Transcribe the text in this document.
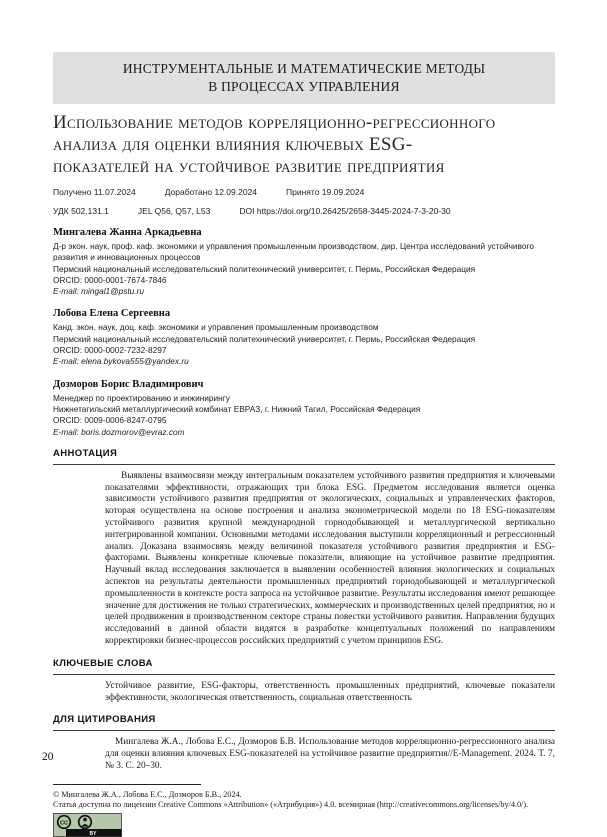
ИНСТРУМЕНТАЛЬНЫЕ И МАТЕМАТИЧЕСКИЕ МЕТОДЫ
В ПРОЦЕССАХ УПРАВЛЕНИЯ
Использование методов корреляционно-регрессионного
анализа для оценки влияния ключевых ESG-
показателей на устойчивое развитие предприятия
Получено 11.07.2024	Доработано 12.09.2024	Принято 19.09.2024
УДК 502.131.1	JEL Q56, Q57, L53	DOI https://doi.org/10.26425/2658-3445-2024-7-3-20-30
Мингалева Жанна Аркадьевна

Д-р экон. наук, проф. каф. экономики и управления промышленным производством, дир. Центра исследований устойчивого развития и инновационных процессов

Пермский национальный исследовательский политехнический университет, г. Пермь, Российская Федерация

ORCID: 0000-0001-7674-7846

E-mail: mingal1@pstu.ru

Лобова Елена Сергеевна

Канд. экон. наук, доц. каф. экономики и управления промышленным производством

Пермский национальный исследовательский политехнический университет, г. Пермь, Российская Федерация

ORCID: 0000-0002-7232-8297

E-mail: elena.bykova555@yandex.ru

Дозморов Борис Владимирович

Менеджер по проектированию и инжинирингу

Нижнетагильский металлургический комбинат ЕВРАЗ, г. Нижний Тагил, Российская Федерация

ORCID: 0009-0006-8247-0795

E-mail: boris.dozmorov@evraz.com

АННОТАЦИЯ

Выявлены взаимосвязи между интегральным показателем устойчивого развития предприятия и ключевыми показателями эффективности, отражающих три блока ESG. Предметом исследования является оценка зависимости устойчивого развития предприятия от экологических, социальных и управленческих факторов, которая осуществлена на основе построения и анализа эконометрической модели по 18 ESG-показателям устойчивого развития крупной международной горнодобывающей и металлургической вертикально интегрированной компании. Основными методами исследования выступили корреляционный и регрессионный анализ. Доказана взаимосвязь между величиной показателя устойчивого развития предприятия и ESG-факторами. Выявлены конкретные ключевые показатели, влияющие на устойчивое развитие предприятия. Научный вклад исследования заключается в выявлении особенностей влияния экологических и социальных аспектов на результаты деятельности промышленных предприятий горнодобывающей и металлургической промышленности в контексте роста запроса на устойчивое развитие. Результаты исследования имеют решающее значение для достижения не только стратегических, коммерческих и производственных целей предприятия, но и целей продвижения в производственном секторе страны повестки устойчивого развития. Направления будущих исследований в данной области видятся в разработке концептуальных положений по направлениям корректировки бизнес-процессов российских предприятий с учетом принципов ESG.

КЛЮЧЕВЫЕ СЛОВА

Устойчивое развитие, ESG-факторы, ответственность промышленных предприятий, ключевые показатели эффективности, экологическая ответственность, социальная ответственность

ДЛЯ ЦИТИРОВАНИЯ

Мингалева Ж.А., Лобова Е.С., Дозморов Б.В. Использование методов корреляционно-регрессионного анализа для оценки влияния ключевых ESG-показателей на устойчивое развитие предприятия//E-Management. 2024. Т. 7, № 3. С. 20–30.

© Мингалева Ж.А., Лобова Е.С., Дозморов Б.В., 2024.

Статья доступна по лицензии Creative Commons «Attribution» («Атрибуция») 4.0. всемирная (http://creativecommons.org/licenses/by/4.0/).

CC
BY
20
